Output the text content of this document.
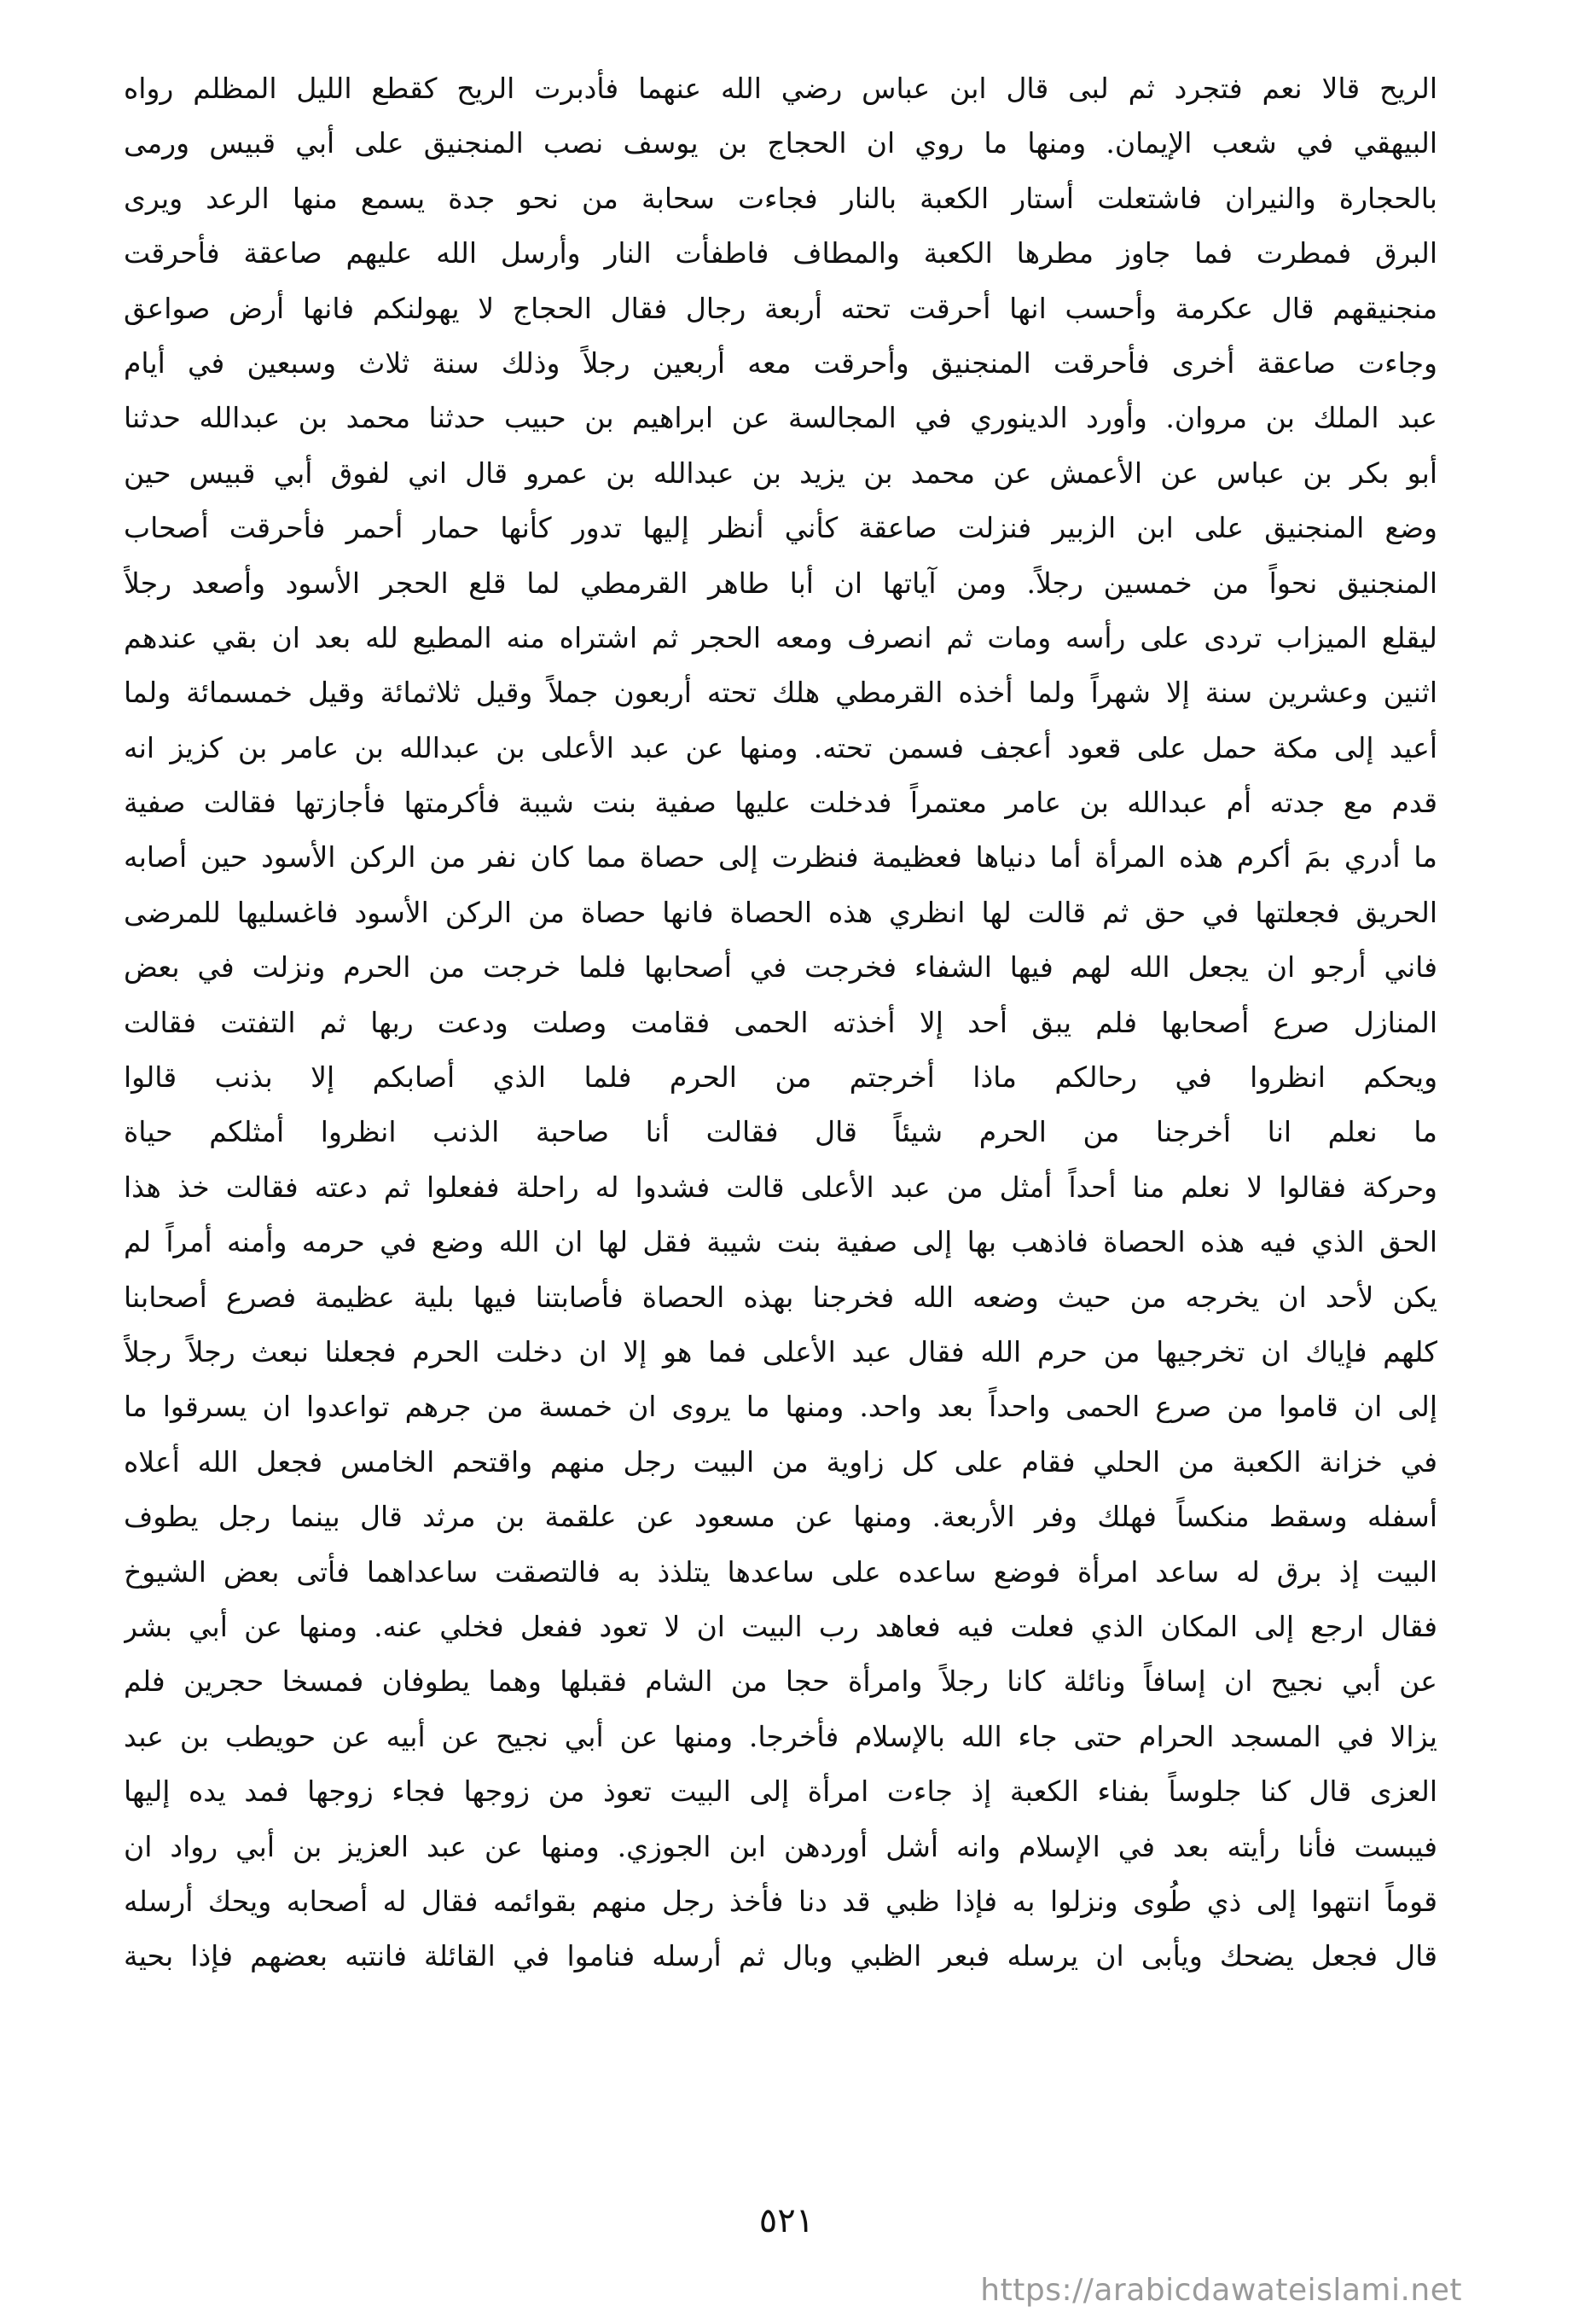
الريح قالا نعم فتجرد ثم لبى قال ابن عباس رضي الله عنهما فأدبرت الريح كقطع الليل المظلم رواه
البيهقي في شعب الإيمان. ومنها ما روي ان الحجاج بن يوسف نصب المنجنيق على أبي قبيس ورمى
بالحجارة والنيران فاشتعلت أستار الكعبة بالنار فجاءت سحابة من نحو جدة يسمع منها الرعد ويرى
البرق فمطرت فما جاوز مطرها الكعبة والمطاف فاطفأت النار وأرسل الله عليهم صاعقة فأحرقت
منجنيقهم قال عكرمة وأحسب انها أحرقت تحته أربعة رجال فقال الحجاج لا يهولنكم فانها أرض صواعق
وجاءت صاعقة أخرى فأحرقت المنجنيق وأحرقت معه أربعين رجلاً وذلك سنة ثلاث وسبعين في أيام
عبد الملك بن مروان. وأورد الدينوري في المجالسة عن ابراهيم بن حبيب حدثنا محمد بن عبدالله حدثنا
أبو بكر بن عباس عن الأعمش عن محمد بن يزيد بن عبدالله بن عمرو قال اني لفوق أبي قبيس حين
وضع المنجنيق على ابن الزبير فنزلت صاعقة كأني أنظر إليها تدور كأنها حمار أحمر فأحرقت أصحاب
المنجنيق نحواً من خمسين رجلاً. ومن آياتها ان أبا طاهر القرمطي لما قلع الحجر الأسود وأصعد رجلاً
ليقلع الميزاب تردى على رأسه ومات ثم انصرف ومعه الحجر ثم اشتراه منه المطيع لله بعد ان بقي عندهم
اثنين وعشرين سنة إلا شهراً ولما أخذه القرمطي هلك تحته أربعون جملاً وقيل ثلاثمائة وقيل خمسمائة ولما
أعيد إلى مكة حمل على قعود أعجف فسمن تحته. ومنها عن عبد الأعلى بن عبدالله بن عامر بن كزيز انه
قدم مع جدته أم عبدالله بن عامر معتمراً فدخلت عليها صفية بنت شيبة فأكرمتها فأجازتها فقالت صفية
ما أدري بمَ أكرم هذه المرأة أما دنياها فعظيمة فنظرت إلى حصاة مما كان نفر من الركن الأسود حين أصابه
الحريق فجعلتها في حق ثم قالت لها انظري هذه الحصاة فانها حصاة من الركن الأسود فاغسليها للمرضى
فاني أرجو ان يجعل الله لهم فيها الشفاء فخرجت في أصحابها فلما خرجت من الحرم ونزلت في بعض
المنازل صرع أصحابها فلم يبق أحد إلا أخذته الحمى فقامت وصلت ودعت ربها ثم التفتت فقالت
ويحكم انظروا في رحالكم ماذا أخرجتم من الحرم فلما الذي أصابكم إلا بذنب قالوا
ما نعلم انا أخرجنا من الحرم شيئاً قال فقالت أنا صاحبة الذنب انظروا أمثلكم حياة
وحركة فقالوا لا نعلم منا أحداً أمثل من عبد الأعلى قالت فشدوا له راحلة ففعلوا ثم دعته فقالت خذ هذا
الحق الذي فيه هذه الحصاة فاذهب بها إلى صفية بنت شيبة فقل لها ان الله وضع في حرمه وأمنه أمراً لم
يكن لأحد ان يخرجه من حيث وضعه الله فخرجنا بهذه الحصاة فأصابتنا فيها بلية عظيمة فصرع أصحابنا
كلهم فإياك ان تخرجيها من حرم الله فقال عبد الأعلى فما هو إلا ان دخلت الحرم فجعلنا نبعث رجلاً رجلاً
إلى ان قاموا من صرع الحمى واحداً بعد واحد. ومنها ما يروى ان خمسة من جرهم تواعدوا ان يسرقوا ما
في خزانة الكعبة من الحلي فقام على كل زاوية من البيت رجل منهم واقتحم الخامس فجعل الله أعلاه
أسفله وسقط منكساً فهلك وفر الأربعة. ومنها عن مسعود عن علقمة بن مرثد قال بينما رجل يطوف
البيت إذ برق له ساعد امرأة فوضع ساعده على ساعدها يتلذذ به فالتصقت ساعداهما فأتى بعض الشيوخ
فقال ارجع إلى المكان الذي فعلت فيه فعاهد رب البيت ان لا تعود ففعل فخلي عنه. ومنها عن أبي بشر
عن أبي نجيح ان إسافاً ونائلة كانا رجلاً وامرأة حجا من الشام فقبلها وهما يطوفان فمسخا حجرين فلم
يزالا في المسجد الحرام حتى جاء الله بالإسلام فأخرجا. ومنها عن أبي نجيح عن أبيه عن حويطب بن عبد
العزى قال كنا جلوساً بفناء الكعبة إذ جاءت امرأة إلى البيت تعوذ من زوجها فجاء زوجها فمد يده إليها
فيبست فأنا رأيته بعد في الإسلام وانه أشل أوردهن ابن الجوزي. ومنها عن عبد العزيز بن أبي رواد ان
قوماً انتهوا إلى ذي طُوى ونزلوا به فإذا ظبي قد دنا فأخذ رجل منهم بقوائمه فقال له أصحابه ويحك أرسله
قال فجعل يضحك ويأبى ان يرسله فبعر الظبي وبال ثم أرسله فناموا في القائلة فانتبه بعضهم فإذا بحية
٥٢١
https://arabicdawateislami.net
